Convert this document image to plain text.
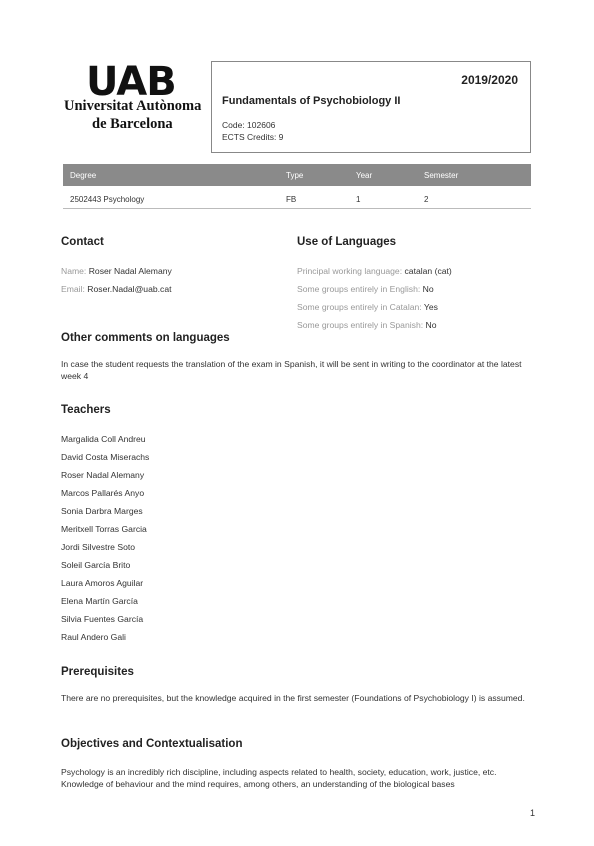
UAB
Universitat Autònoma
de Barcelona
2019/2020
Fundamentals of Psychobiology II
Code: 102606
ECTS Credits: 9
Degree	Type	Year	Semester
2502443 Psychology	FB	1	2
Contact
Name: Roser Nadal Alemany
Email: Roser.Nadal@uab.cat
Use of Languages
Principal working language: catalan (cat)
Some groups entirely in English: No
Some groups entirely in Catalan: Yes
Some groups entirely in Spanish: No
Other comments on languages
In case the student requests the translation of the exam in Spanish, it will be sent in writing to the coordinator at the latest week 4
Teachers
Margalida Coll Andreu
David Costa Miserachs
Roser Nadal Alemany
Marcos Pallarés Anyo
Sonia Darbra Marges
Meritxell Torras Garcia
Jordi Silvestre Soto
Soleil García Brito
Laura Amoros Aguilar
Elena Martín García
Silvia Fuentes García
Raul Andero Gali
Prerequisites
There are no prerequisites, but the knowledge acquired in the first semester (Foundations of Psychobiology I) is assumed.
Objectives and Contextualisation
Psychology is an incredibly rich discipline, including aspects related to health, society, education, work, justice, etc. Knowledge of behaviour and the mind requires, among others, an understanding of the biological bases
1
